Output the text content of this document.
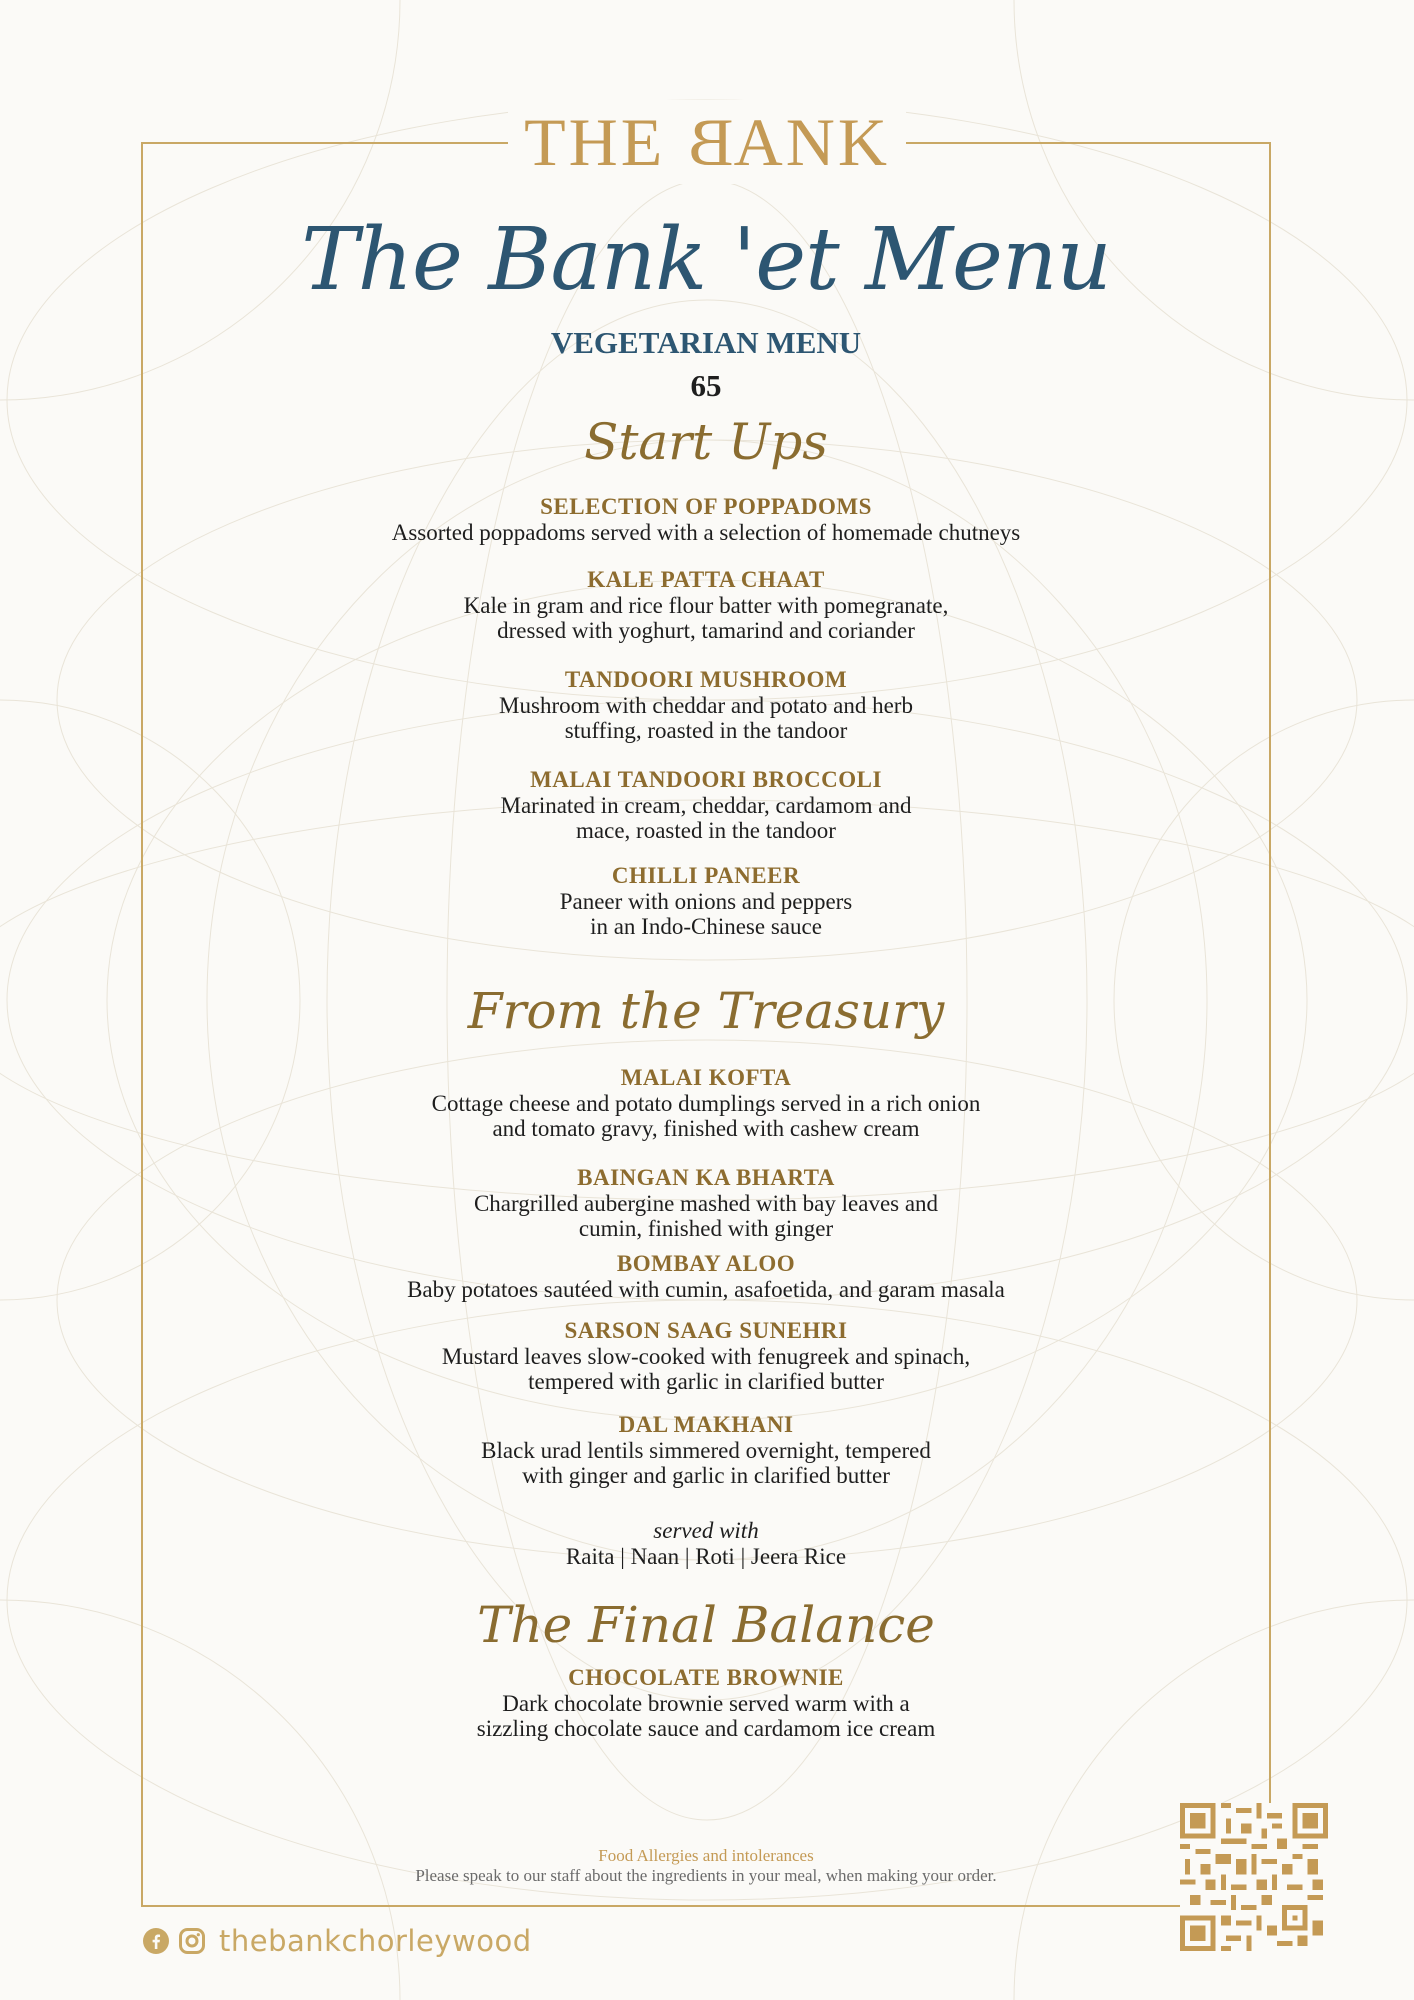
THE BANK
The Bank 'et Menu
VEGETARIAN MENU
65
Start Ups
SELECTION OF POPPADOMS
Assorted poppadoms served with a selection of homemade chutneys
KALE PATTA CHAAT
Kale in gram and rice flour batter with pomegranate,
dressed with yoghurt, tamarind and coriander
TANDOORI MUSHROOM
Mushroom with cheddar and potato and herb
stuffing, roasted in the tandoor
MALAI TANDOORI BROCCOLI
Marinated in cream, cheddar, cardamom and
mace, roasted in the tandoor
CHILLI PANEER
Paneer with onions and peppers
in an Indo-Chinese sauce
From the Treasury
MALAI KOFTA
Cottage cheese and potato dumplings served in a rich onion
and tomato gravy, finished with cashew cream
BAINGAN KA BHARTA
Chargrilled aubergine mashed with bay leaves and
cumin, finished with ginger
BOMBAY ALOO
Baby potatoes sautéed with cumin, asafoetida, and garam masala
SARSON SAAG SUNEHRI
Mustard leaves slow-cooked with fenugreek and spinach,
tempered with garlic in clarified butter
DAL MAKHANI
Black urad lentils simmered overnight, tempered
with ginger and garlic in clarified butter
served with
Raita | Naan | Roti | Jeera Rice
The Final Balance
CHOCOLATE BROWNIE
Dark chocolate brownie served warm with a
sizzling chocolate sauce and cardamom ice cream
Food Allergies and intolerances
Please speak to our staff about the ingredients in your meal, when making your order.
thebankchorleywood
